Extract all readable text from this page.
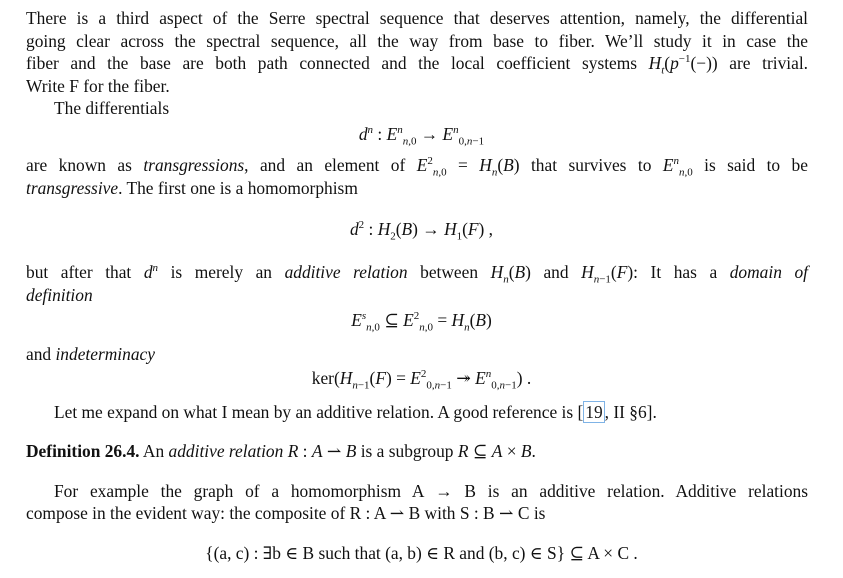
There is a third aspect of the Serre spectral sequence that deserves attention, namely, the differential
going clear across the spectral sequence, all the way from base to fiber. We’ll study it in case the
fiber and the base are both path connected and the local coefficient systems $H_t(p^{-1}(-))$ are trivial.
Write F for the fiber.
The differentials
$d^n$ : $E^n_{n,0} \to E^n_{0,n-1}$
are known as transgressions, and an element of $E^2_{n,0} = H_n(B)$ that survives to $E^n_{n,0}$ is said to be
transgressive. The first one is a homomorphism
$d^2$ : $H_2(B) \to H_1(F)$ ,
but after that $d^n$ is merely an additive relation between $H_n(B)$ and $H_{n-1}(F)$: It has a domain of
definition
$E^s_{n,0}$ ⊆ $E^2_{n,0} = H_n(B)$
and indeterminacy
$ker(H_{n-1}(F) = E^2_{0,n-1}$ ↠ $E^n_{0,n-1}$) .
Let me expand on what I mean by an additive relation. A good reference is [ 19 , II §6].
Definition 26.4. An additive relation R : A ⇀ B is a subgroup R ⊆ A × B.
For example the graph of a homomorphism A → B is an additive relation. Additive relations
compose in the evident way: the composite of R : A ⇀ B with S : B ⇀ C is
{(a, c) : ∃b ∈ B such that (a, b) ∈ R and (b, c) ∈ S} ⊆ A × C .
